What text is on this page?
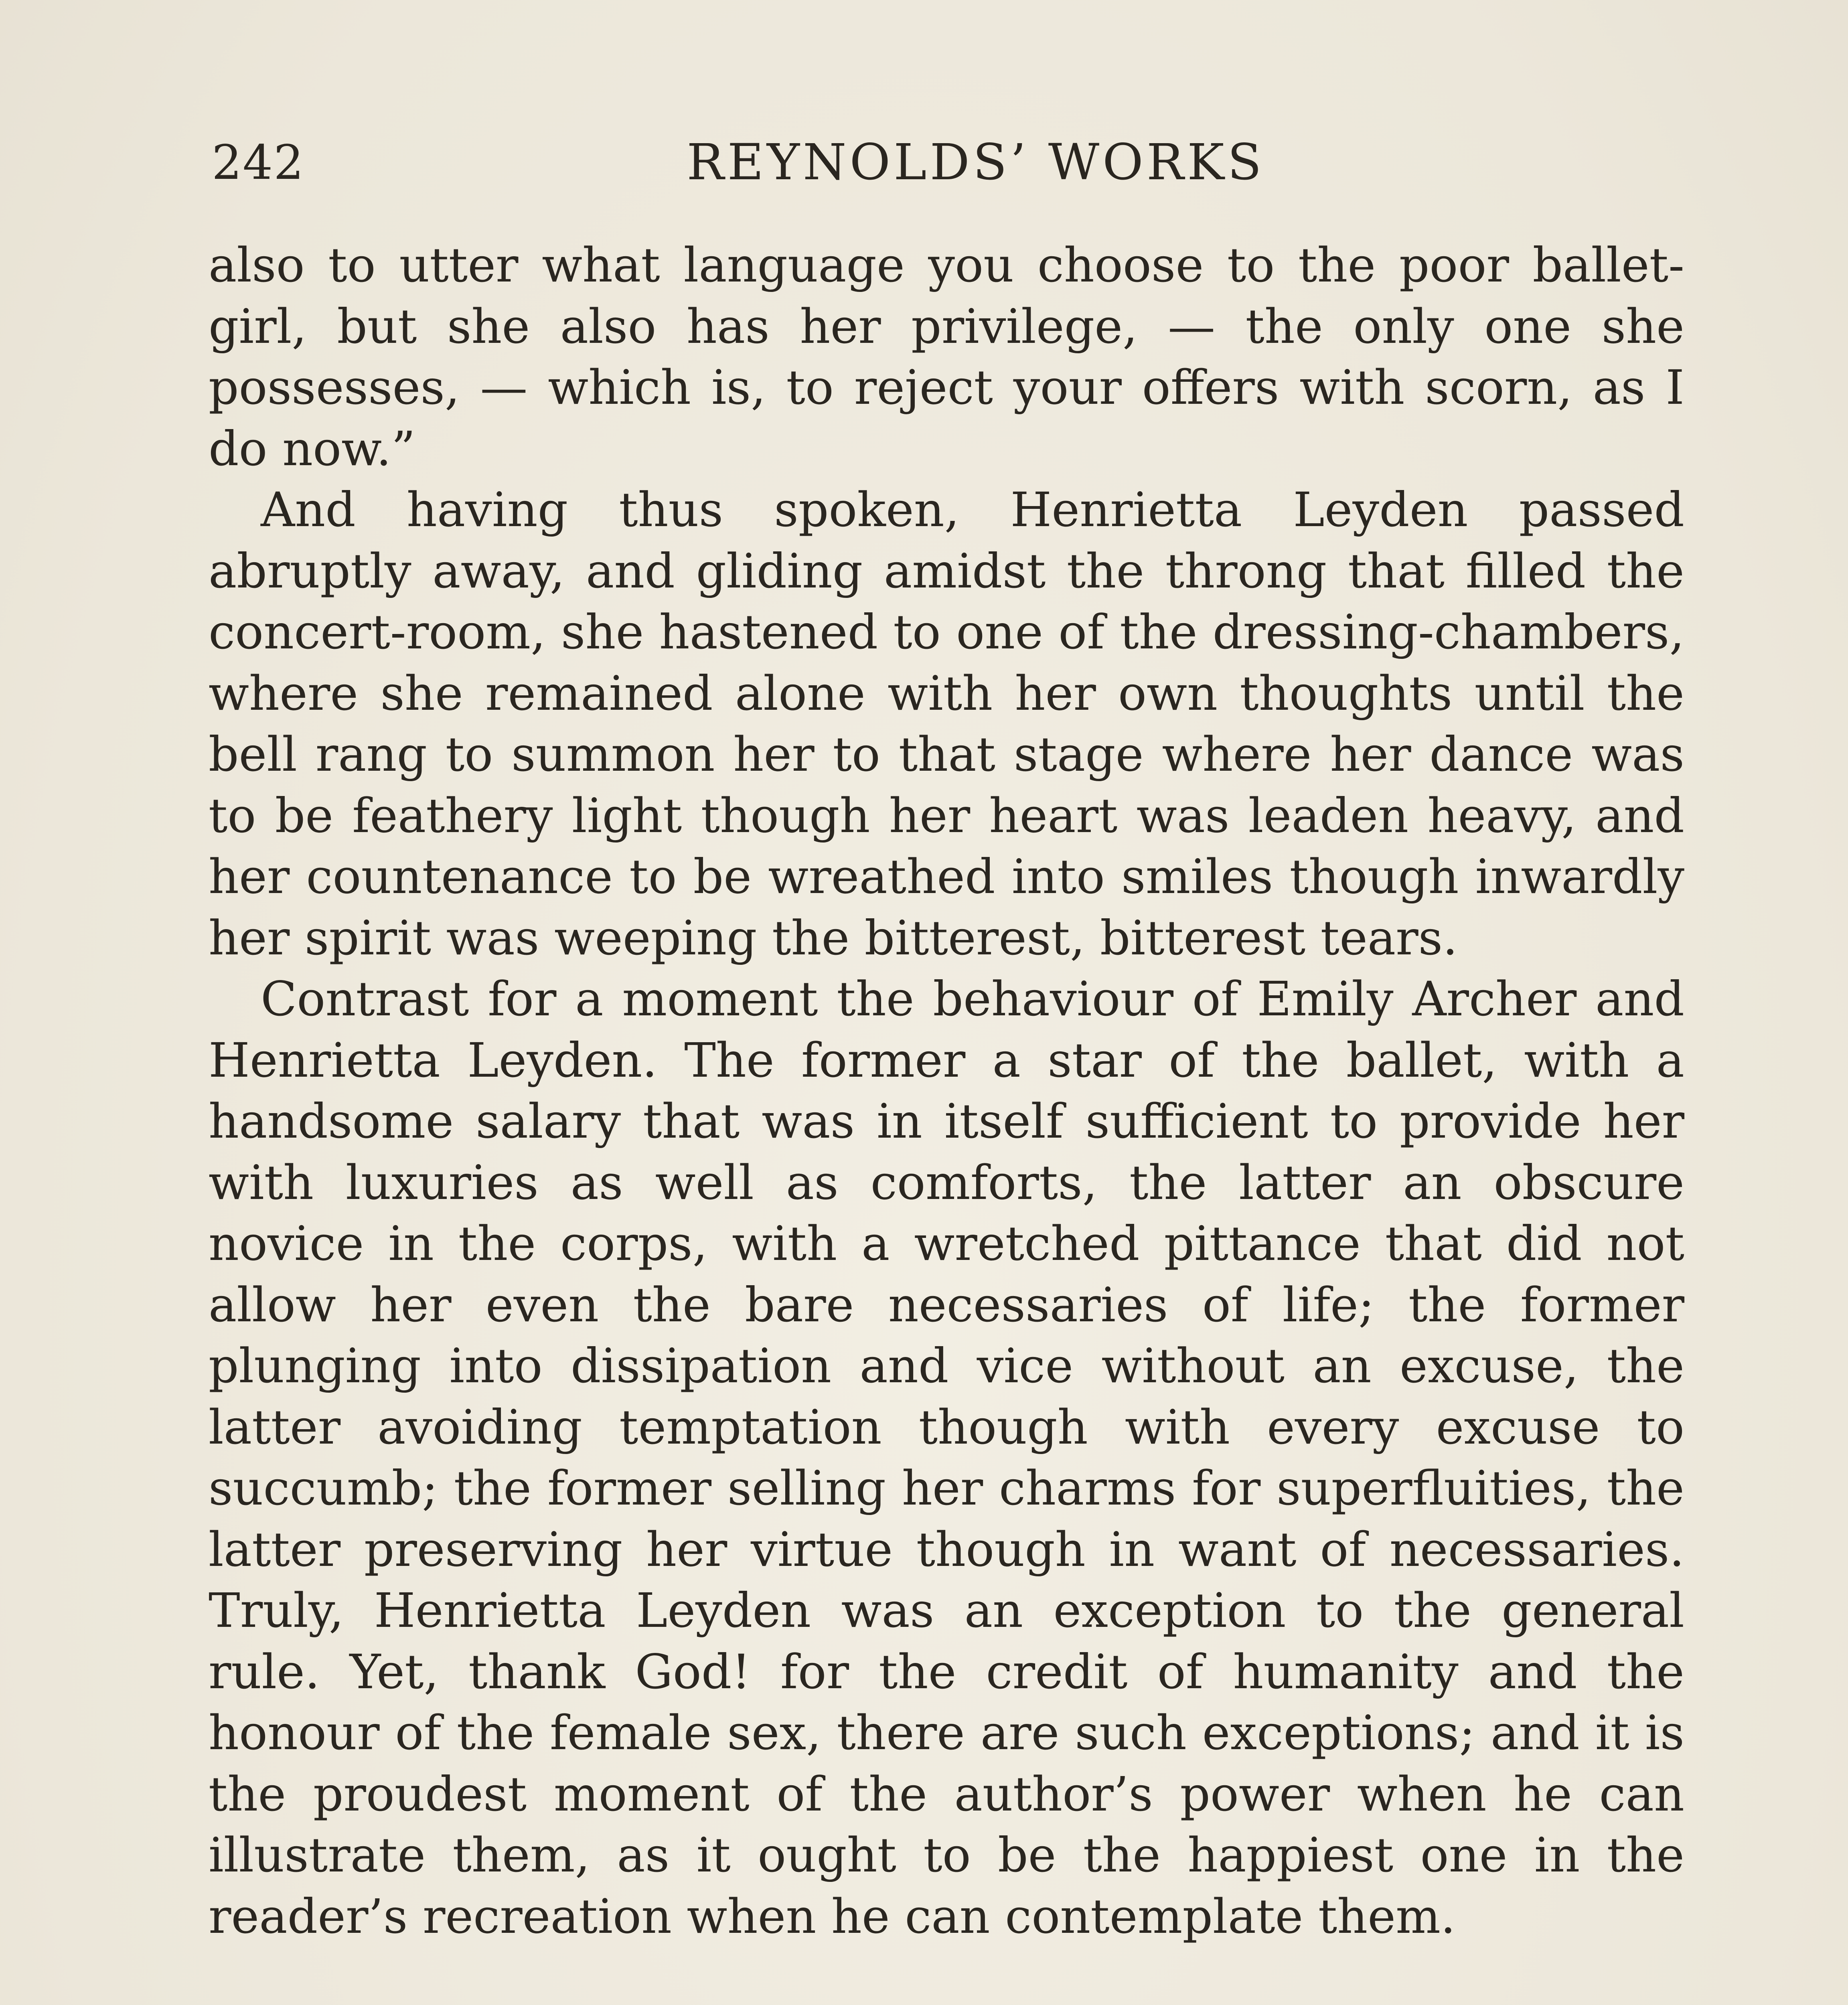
242	REYNOLDS’ WORKS

also to utter what language you choose to the poor ballet-girl, but she also has her privilege, — the only one she possesses, — which is, to reject your offers with scorn, as I do now.”

And having thus spoken, Henrietta Leyden passed abruptly away, and gliding amidst the throng that filled the concert-room, she hastened to one of the dressing-chambers, where she remained alone with her own thoughts until the bell rang to summon her to that stage where her dance was to be feathery light though her heart was leaden heavy, and her countenance to be wreathed into smiles though inwardly her spirit was weeping the bitterest, bitterest tears.

Contrast for a moment the behaviour of Emily Archer and Henrietta Leyden. The former a star of the ballet, with a handsome salary that was in itself sufficient to provide her with luxuries as well as comforts, the latter an obscure novice in the corps, with a wretched pittance that did not allow her even the bare necessaries of life; the former plunging into dissipation and vice without an excuse, the latter avoiding temptation though with every excuse to succumb; the former selling her charms for superfluities, the latter preserving her virtue though in want of necessaries. Truly, Henrietta Leyden was an exception to the general rule. Yet, thank God! for the credit of humanity and the honour of the female sex, there are such exceptions; and it is the proudest moment of the author’s power when he can illustrate them, as it ought to be the happiest one in the reader’s recreation when he can contemplate them.
